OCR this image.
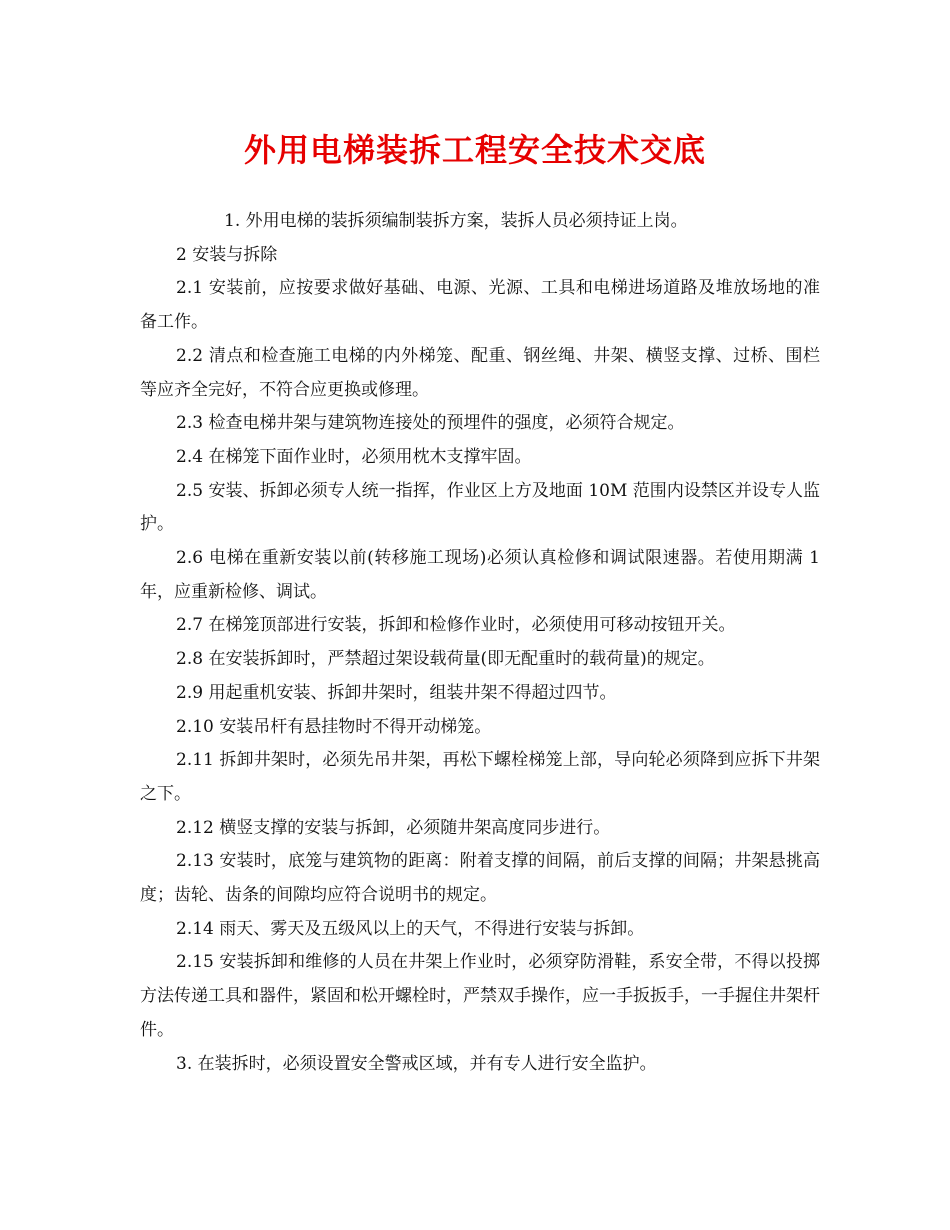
外用电梯装拆工程安全技术交底

1. 外用电梯的装拆须编制装拆方案，装拆人员必须持证上岗。

2 安装与拆除

2.1 安装前，应按要求做好基础、电源、光源、工具和电梯进场道路及堆放场地的准备工作。

2.2 清点和检查施工电梯的内外梯笼、配重、钢丝绳、井架、横竖支撑、过桥、围栏等应齐全完好，不符合应更换或修理。

2.3 检查电梯井架与建筑物连接处的预埋件的强度，必须符合规定。

2.4 在梯笼下面作业时，必须用枕木支撑牢固。

2.5 安装、拆卸必须专人统一指挥，作业区上方及地面 10M 范围内设禁区并设专人监护。

2.6 电梯在重新安装以前(转移施工现场)必须认真检修和调试限速器。若使用期满 1 年，应重新检修、调试。

2.7 在梯笼顶部进行安装，拆卸和检修作业时，必须使用可移动按钮开关。

2.8 在安装拆卸时，严禁超过架设载荷量(即无配重时的载荷量)的规定。

2.9 用起重机安装、拆卸井架时，组装井架不得超过四节。

2.10 安装吊杆有悬挂物时不得开动梯笼。

2.11 拆卸井架时，必须先吊井架，再松下螺栓梯笼上部，导向轮必须降到应拆下井架之下。

2.12 横竖支撑的安装与拆卸，必须随井架高度同步进行。

2.13 安装时，底笼与建筑物的距离：附着支撑的间隔，前后支撑的间隔；井架悬挑高度；齿轮、齿条的间隙均应符合说明书的规定。

2.14 雨天、雾天及五级风以上的天气，不得进行安装与拆卸。

2.15 安装拆卸和维修的人员在井架上作业时，必须穿防滑鞋，系安全带，不得以投掷方法传递工具和器件，紧固和松开螺栓时，严禁双手操作，应一手扳扳手，一手握住井架杆件。

3. 在装拆时，必须设置安全警戒区域，并有专人进行安全监护。
